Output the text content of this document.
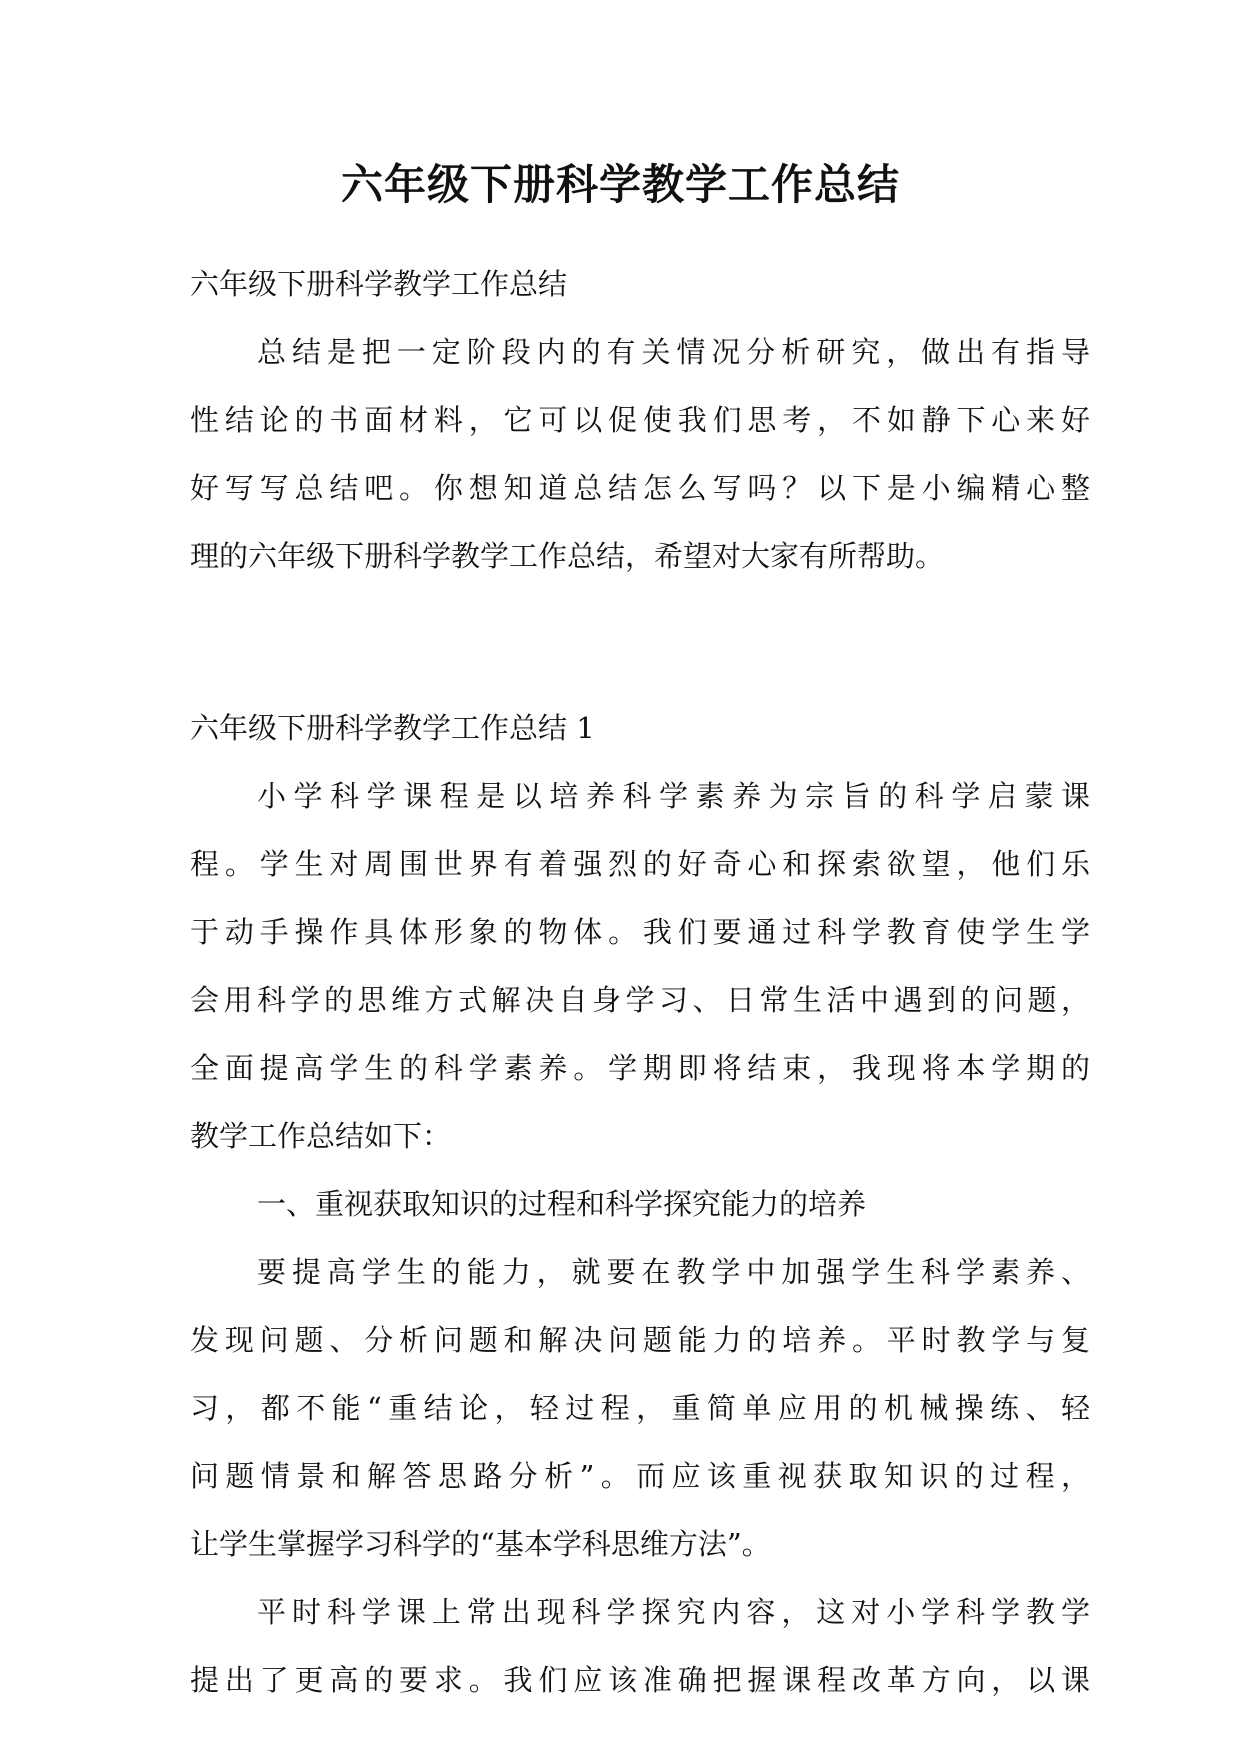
六年级下册科学教学工作总结
六年级下册科学教学工作总结
总结是把一定阶段内的有关情况分析研究，做出有指导
性结论的书面材料，它可以促使我们思考，不如静下心来好
好写写总结吧。你想知道总结怎么写吗？以下是小编精心整
理的六年级下册科学教学工作总结，希望对大家有所帮助。
六年级下册科学教学工作总结 1
小学科学课程是以培养科学素养为宗旨的科学启蒙课
程。学生对周围世界有着强烈的好奇心和探索欲望，他们乐
于动手操作具体形象的物体。我们要通过科学教育使学生学
会用科学的思维方式解决自身学习、日常生活中遇到的问题，
全面提高学生的科学素养。学期即将结束，我现将本学期的
教学工作总结如下：
一、重视获取知识的过程和科学探究能力的培养
要提高学生的能力，就要在教学中加强学生科学素养、
发现问题、分析问题和解决问题能力的培养。平时教学与复
习，都不能“重结论，轻过程，重简单应用的机械操练、轻
问题情景和解答思路分析”。而应该重视获取知识的过程，
让学生掌握学习科学的“基本学科思维方法”。
平时科学课上常出现科学探究内容，这对小学科学教学
提出了更高的要求。我们应该准确把握课程改革方向，以课
